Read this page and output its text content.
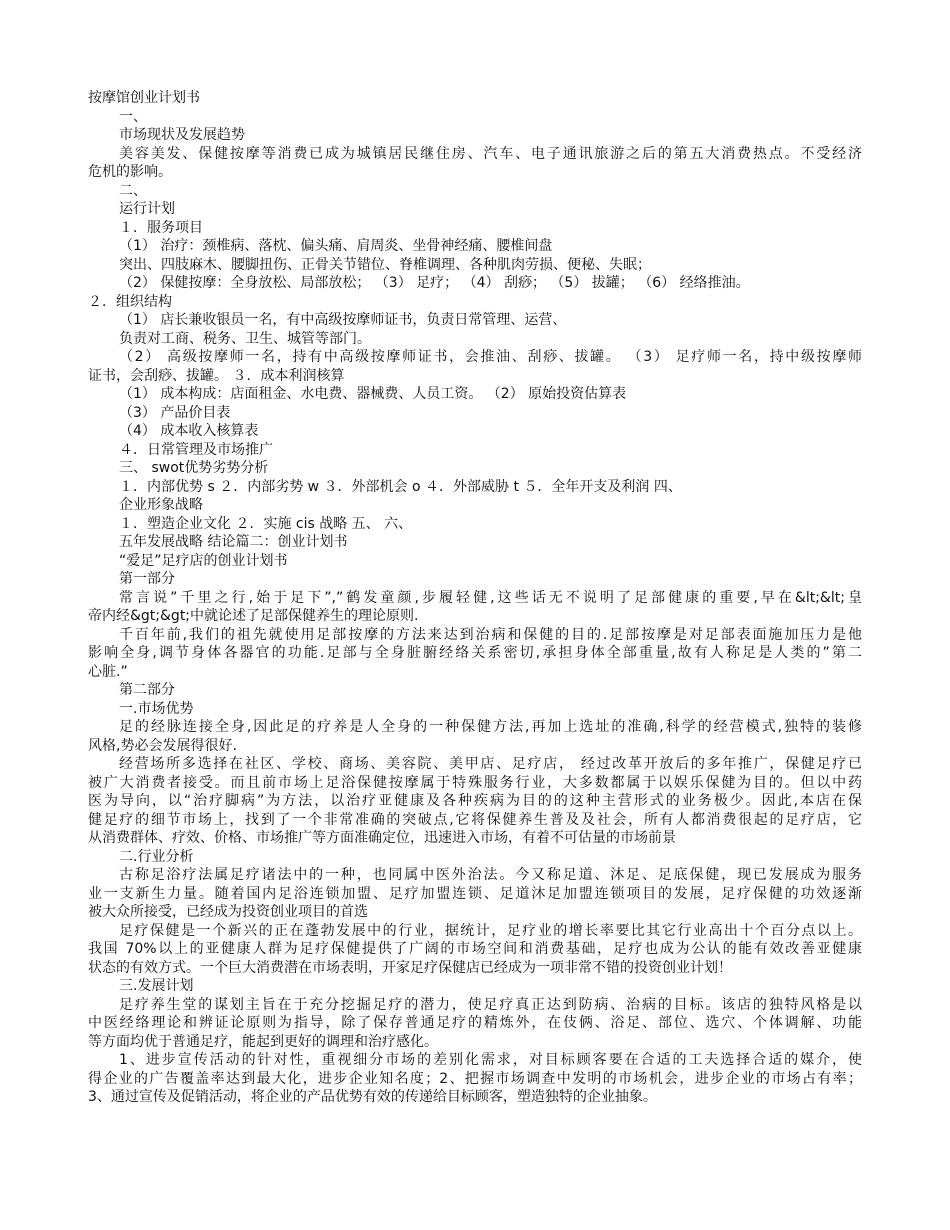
按摩馆创业计划书
一、
市场现状及发展趋势
美容美发、保健按摩等消费已成为城镇居民继住房、汽车、电子通讯旅游之后的第五大消费热点。不受经济
危机的影响。
二、
运行计划
１．服务项目
（1） 治疗：颈椎病、落枕、偏头痛、肩周炎、坐骨神经痛、腰椎间盘
突出、四肢麻木、腰脚扭伤、正骨关节错位、脊椎调理、各种肌肉劳损、便秘、失眠；
（2） 保健按摩：全身放松、局部放松； （3） 足疗； （4） 刮痧； （5） 拔罐； （6） 经络推油。
２．组织结构
（1） 店长兼收银员一名，有中高级按摩师证书，负责日常管理、运营、
负责对工商、税务、卫生、城管等部门。
（2） 高级按摩师一名，持有中高级按摩师证书，会推油、刮痧、拔罐。 （3） 足疗师一名，持中级按摩师
证书，会刮痧、拔罐。 ３．成本利润核算
（1） 成本构成：店面租金、水电费、器械费、人员工资。 （2） 原始投资估算表
（3） 产品价目表
（4） 成本收入核算表
４．日常管理及市场推广
三、 swot优势劣势分析
１．内部优势 s ２．内部劣势 w ３．外部机会 o ４．外部威胁 t ５．全年开支及利润 四、
企业形象战略
１．塑造企业文化 ２．实施 cis 战略 五、 六、
五年发展战略 结论篇二：创业计划书
“爱足”足疗店的创业计划书
第一部分
常言说”千里之行,始于足下”,”鹤发童颜,步履轻健,这些话无不说明了足部健康的重要,早在&lt;&lt;皇
帝内经&gt;&gt;中就论述了足部保健养生的理论原则.
千百年前,我们的祖先就使用足部按摩的方法来达到治病和保健的目的.足部按摩是对足部表面施加压力是他
影响全身,调节身体各器官的功能.足部与全身脏腑经络关系密切,承担身体全部重量,故有人称足是人类的”第二
心脏.”
第二部分
一.市场优势
足的经脉连接全身,因此足的疗养是人全身的一种保健方法,再加上选址的准确,科学的经营模式,独特的装修
风格,势必会发展得很好.
经营场所多选择在社区、学校、商场、美容院、美甲店、足疗店， 经过改革开放后的多年推广，保健足疗已
被广大消费者接受。而且前市场上足浴保健按摩属于特殊服务行业，大多数都属于以娱乐保健为目的。但以中药
医为导向，以“治疗脚病”为方法，以治疗亚健康及各种疾病为目的的这种主营形式的业务极少。因此,本店在保
健足疗的细节市场上，找到了一个非常准确的突破点,它将保健养生普及及社会，所有人都消费很起的足疗店，它
从消费群体、疗效、价格、市场推广等方面准确定位，迅速进入市场，有着不可估量的市场前景
二.行业分析
古称足浴疗法属足疗诸法中的一种，也同属中医外治法。今又称足道、沐足、足底保健，现已发展成为服务
业一支新生力量。随着国内足浴连锁加盟、足疗加盟连锁、足道沐足加盟连锁项目的发展，足疗保健的功效逐渐
被大众所接受，已经成为投资创业项目的首选
足疗保健是一个新兴的正在蓬勃发展中的行业，据统计，足疗业的增长率要比其它行业高出十个百分点以上。
我国 70%以上的亚健康人群为足疗保健提供了广阔的市场空间和消费基础，足疗也成为公认的能有效改善亚健康
状态的有效方式。一个巨大消费潜在市场表明，开家足疗保健店已经成为一项非常不错的投资创业计划！
三.发展计划
足疗养生堂的谋划主旨在于充分挖掘足疗的潜力，使足疗真正达到防病、治病的目标。该店的独特风格是以
中医经络理论和辨证论原则为指导，除了保存普通足疗的精炼外，在伎俩、浴足、部位、选穴、个体调解、功能
等方面均优于普通足疗，能起到更好的调理和治疗感化。
1、进步宣传活动的针对性，重视细分市场的差别化需求，对目标顾客要在合适的工夫选择合适的媒介，使
得企业的广告覆盖率达到最大化，进步企业知名度；2、把握市场调查中发明的市场机会，进步企业的市场占有率；
3、通过宣传及促销活动，将企业的产品优势有效的传递给目标顾客，塑造独特的企业抽象。
